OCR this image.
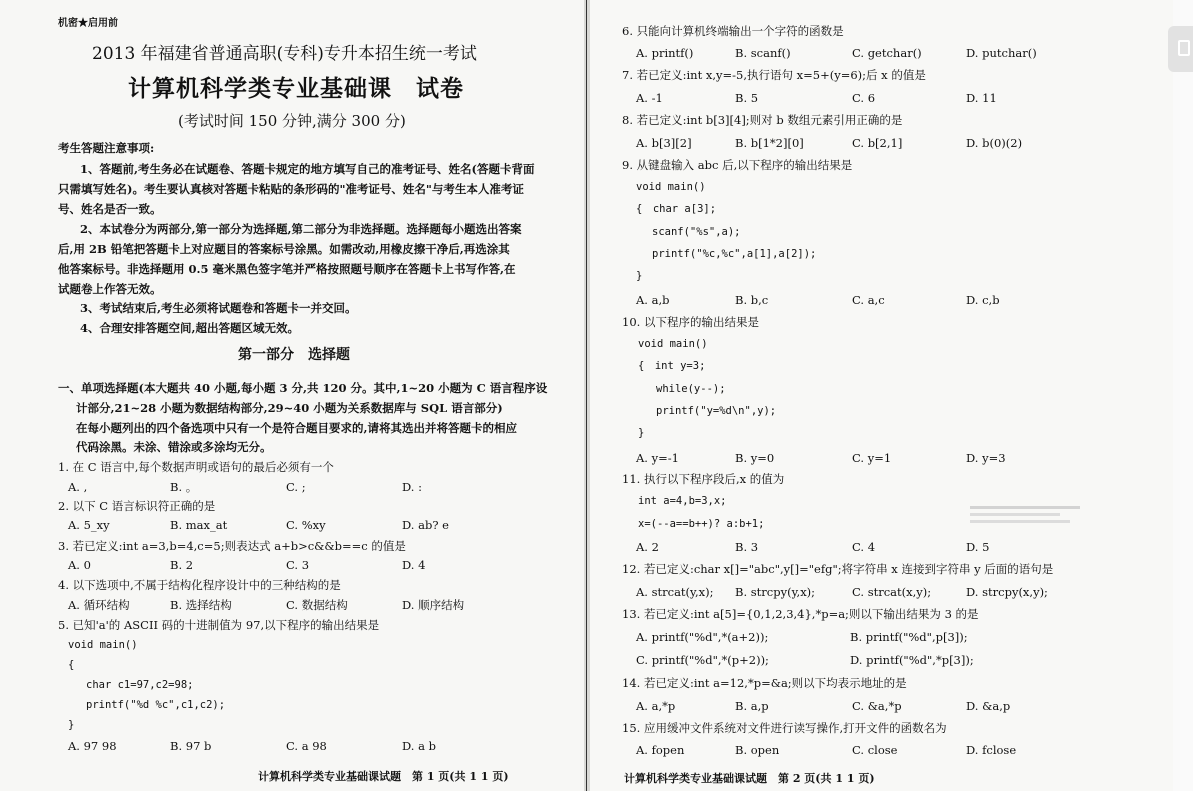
机密★启用前
2013 年福建省普通高职(专科)专升本招生统一考试
计算机科学类专业基础课　试卷
(考试时间 150 分钟,满分 300 分)
考生答题注意事项:
1、答题前,考生务必在试题卷、答题卡规定的地方填写自己的准考证号、姓名(答题卡背面
只需填写姓名)。考生要认真核对答题卡粘贴的条形码的"准考证号、姓名"与考生本人准考证
号、姓名是否一致。
2、本试卷分为两部分,第一部分为选择题,第二部分为非选择题。选择题每小题选出答案
后,用 2B 铅笔把答题卡上对应题目的答案标号涂黑。如需改动,用橡皮擦干净后,再选涂其
他答案标号。非选择题用 0.5 毫米黑色签字笔并严格按照题号顺序在答题卡上书写作答,在
试题卷上作答无效。
3、考试结束后,考生必须将试题卷和答题卡一并交回。
4、合理安排答题空间,超出答题区域无效。
第一部分　选择题
一、单项选择题(本大题共 40 小题,每小题 3 分,共 120 分。其中,1~20 小题为 C 语言程序设
计部分,21~28 小题为数据结构部分,29~40 小题为关系数据库与 SQL 语言部分)
在每小题列出的四个备选项中只有一个是符合题目要求的,请将其选出并将答题卡的相应
代码涂黑。未涂、错涂或多涂均无分。
1. 在 C 语言中,每个数据声明或语句的最后必须有一个
A. ,	B. 。	C. ;	D. :
2. 以下 C 语言标识符正确的是
A. 5_xy	B. max_at	C. %xy	D. ab? e
3. 若已定义:int a=3,b=4,c=5;则表达式 a+b>c&&b==c 的值是
A. 0	B. 2	C. 3	D. 4
4. 以下选项中,不属于结构化程序设计中的三种结构的是
A. 循环结构	B. 选择结构	C. 数据结构	D. 顺序结构
5. 已知'a'的 ASCII 码的十进制值为 97,以下程序的输出结果是
void main()
{
char c1=97,c2=98;
printf("%d %c",c1,c2);
}
A. 97 98	B. 97 b	C. a 98	D. a b
计算机科学类专业基础课试题　第 1 页(共 1 1 页)
6. 只能向计算机终端输出一个字符的函数是
A. printf()	B. scanf()	C. getchar()	D. putchar()
7. 若已定义:int x,y=-5,执行语句 x=5+(y=6);后 x 的值是
A. -1	B. 5	C. 6	D. 11
8. 若已定义:int b[3][4];则对 b 数组元素引用正确的是
A. b[3][2]	B. b[1*2][0]	C. b[2,1]	D. b(0)(2)
9. 从键盘输入 abc 后,以下程序的输出结果是
void main()
{　char a[3];
scanf("%s",a);
printf("%c,%c",a[1],a[2]);
}
A. a,b	B. b,c	C. a,c	D. c,b
10. 以下程序的输出结果是
void main()
{　int y=3;
while(y--);
printf("y=%d\n",y);
}
A. y=-1	B. y=0	C. y=1	D. y=3
11. 执行以下程序段后,x 的值为
int a=4,b=3,x;
x=(--a==b++)? a:b+1;
A. 2	B. 3	C. 4	D. 5
12. 若已定义:char x[]="abc",y[]="efg";将字符串 x 连接到字符串 y 后面的语句是
A. strcat(y,x); B. strcpy(y,x);	C. strcat(x,y);	D. strcpy(x,y);
13. 若已定义:int a[5]={0,1,2,3,4},*p=a;则以下输出结果为 3 的是
A. printf("%d",*(a+2));	B. printf("%d",p[3]);
C. printf("%d",*(p+2));	D. printf("%d",*p[3]);
14. 若已定义:int a=12,*p=&a;则以下均表示地址的是
A. a,*p	B. a,p	C. &a,*p	D. &a,p
15. 应用缓冲文件系统对文件进行读写操作,打开文件的函数名为
A. fopen	B. open	C. close	D. fclose
计算机科学类专业基础课试题　第 2 页(共 1 1 页)
